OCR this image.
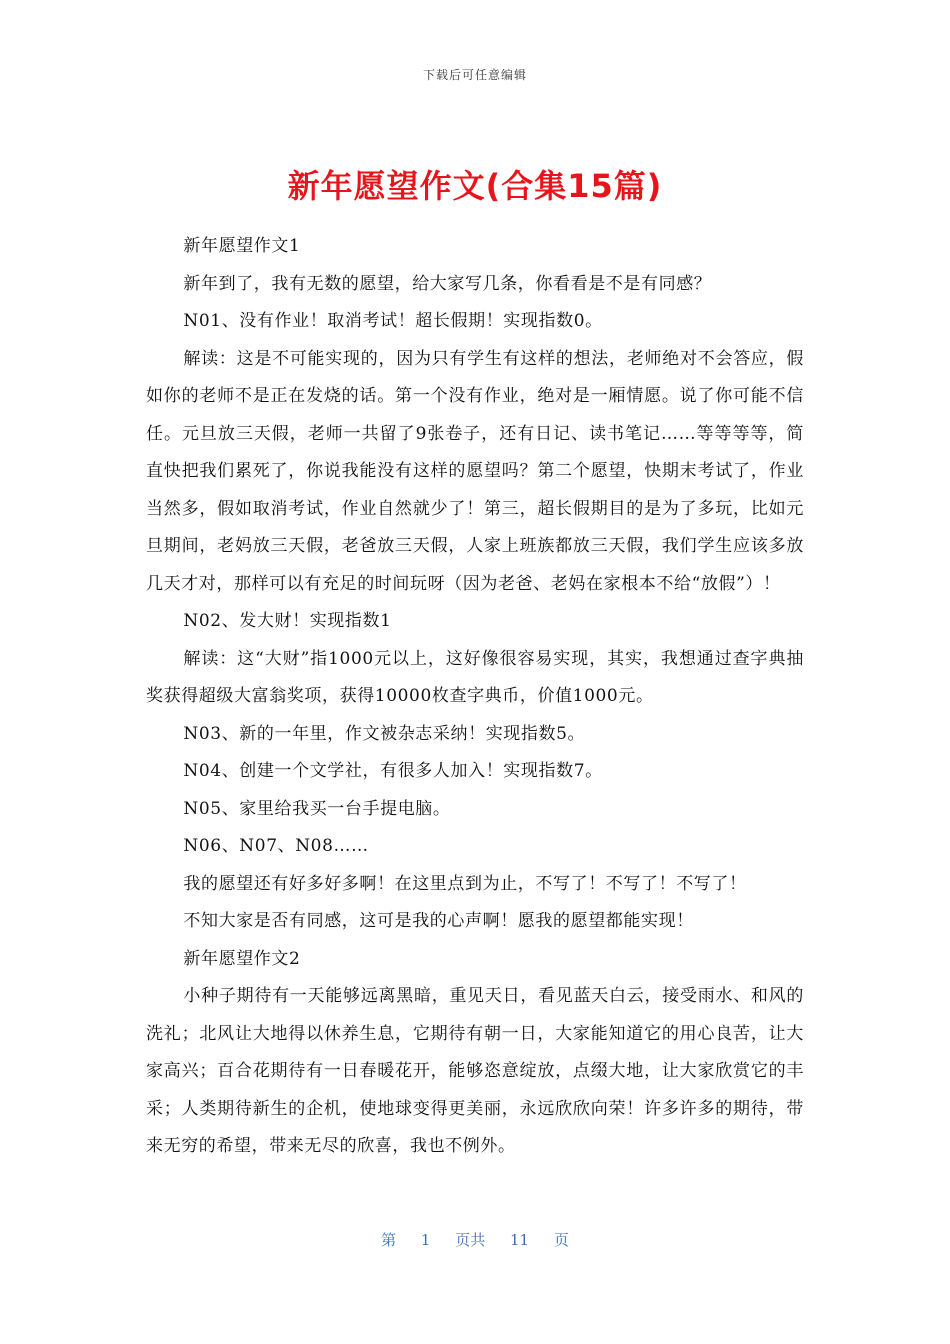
下载后可任意编辑
新年愿望作文(合集15篇)

新年愿望作文1

新年到了，我有无数的愿望，给大家写几条，你看看是不是有同感？

N01、没有作业！取消考试！超长假期！实现指数0。

解读：这是不可能实现的，因为只有学生有这样的想法，老师绝对不会答应，假如你的老师不是正在发烧的话。第一个没有作业，绝对是一厢情愿。说了你可能不信任。元旦放三天假，老师一共留了9张卷子，还有日记、读书笔记……等等等等，简直快把我们累死了，你说我能没有这样的愿望吗？第二个愿望，快期末考试了，作业当然多，假如取消考试，作业自然就少了！第三，超长假期目的是为了多玩，比如元旦期间，老妈放三天假，老爸放三天假，人家上班族都放三天假，我们学生应该多放几天才对，那样可以有充足的时间玩呀（因为老爸、老妈在家根本不给“放假”）！

N02、发大财！实现指数1

解读：这“大财”指1000元以上，这好像很容易实现，其实，我想通过查字典抽奖获得超级大富翁奖项，获得10000枚查字典币，价值1000元。

N03、新的一年里，作文被杂志采纳！实现指数5。

N04、创建一个文学社，有很多人加入！实现指数7。

N05、家里给我买一台手提电脑。

N06、N07、N08……

我的愿望还有好多好多啊！在这里点到为止，不写了！不写了！不写了！

不知大家是否有同感，这可是我的心声啊！愿我的愿望都能实现！

新年愿望作文2

小种子期待有一天能够远离黑暗，重见天日，看见蓝天白云，接受雨水、和风的洗礼；北风让大地得以休养生息，它期待有朝一日，大家能知道它的用心良苦，让大家高兴；百合花期待有一日春暖花开，能够恣意绽放，点缀大地，让大家欣赏它的丰采；人类期待新生的企机，使地球变得更美丽，永远欣欣向荣！许多许多的期待，带来无穷的希望，带来无尽的欣喜，我也不例外。

第 1 页共 11 页
